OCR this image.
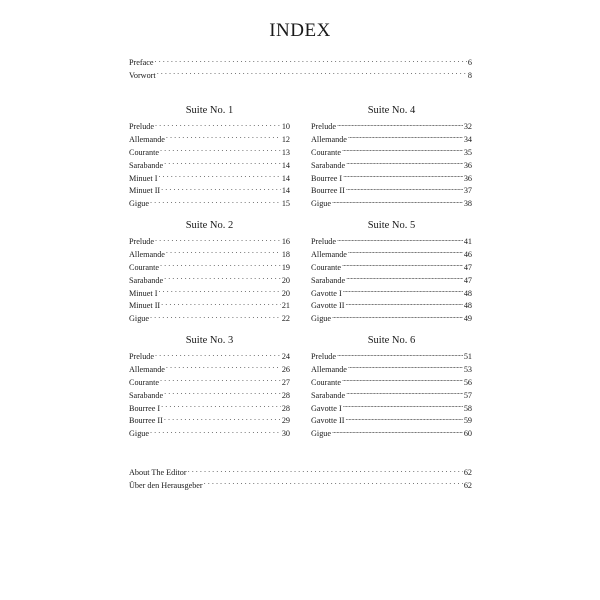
INDEX
Preface . . .	6
Vorwort . . .	8
Suite No. 1
Prelude . . .	10
Allemande . . .	12
Courante . . .	13
Sarabande . . .	14
Minuet I . . .	14
Minuet II . . .	14
Gigue . . .	15
Suite No. 2
Prelude . . .	16
Allemande . . .	18
Courante . . .	19
Sarabande . . .	20
Minuet I . . .	20
Minuet II . . .	21
Gigue . . .	22
Suite No. 3
Prelude . . .	24
Allemande . . .	26
Courante . . .	27
Sarabande . . .	28
Bourree I . . .	28
Bourree II . . .	29
Gigue . . .	30
Suite No. 4
Prelude .....	32
Allemande .....	34
Courante .....	35
Sarabande .....	36
Bourree I .....	36
Bourree II .....	37
Gigue .....	38
Suite No. 5
Prelude .....	41
Allemande .....	46
Courante .....	47
Sarabande .....	47
Gavotte I .....	48
Gavotte II .....	48
Gigue .....	49
Suite No. 6
Prelude .....	51
Allemande .....	53
Courante .....	56
Sarabande .....	57
Gavotte I .....	58
Gavotte II .....	59
Gigue .....	60
About The Editor . . .	62
Über den Herausgeber . . .	62
